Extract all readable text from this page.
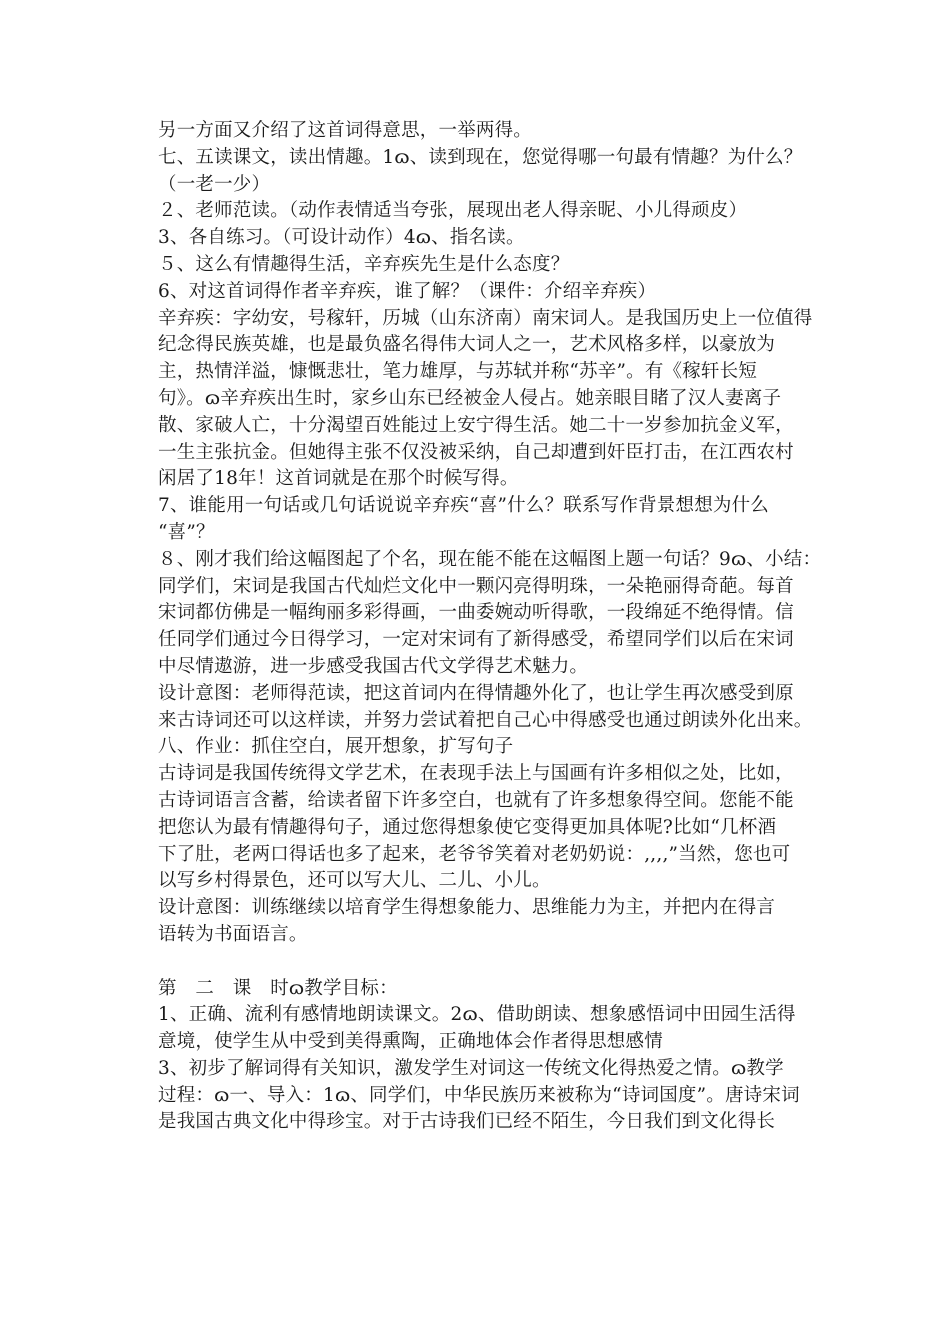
另一方面又介绍了这首词得意思，一举两得。
七、五读课文，读出情趣。1ɷ、读到现在，您觉得哪一句最有情趣？为什么？
（一老一少）
２、老师范读。（动作表情适当夸张，展现出老人得亲昵、小儿得顽皮）
3、各自练习。（可设计动作）4ɷ、指名读。
５、这么有情趣得生活，辛弃疾先生是什么态度？
6、对这首词得作者辛弃疾，谁了解？（课件：介绍辛弃疾）
辛弃疾：字幼安，号稼轩，历城（山东济南）南宋词人。是我国历史上一位值得
纪念得民族英雄，也是最负盛名得伟大词人之一，艺术风格多样，以豪放为
主，热情洋溢，慷慨悲壮，笔力雄厚，与苏轼并称“苏辛”。有《稼轩长短
句》。ɷ辛弃疾出生时，家乡山东已经被金人侵占。她亲眼目睹了汉人妻离子
散、家破人亡，十分渴望百姓能过上安宁得生活。她二十一岁参加抗金义军，
一生主张抗金。但她得主张不仅没被采纳，自己却遭到奸臣打击，在江西农村
闲居了18年！这首词就是在那个时候写得。
7、谁能用一句话或几句话说说辛弃疾“喜”什么？联系写作背景想想为什么
“喜”？
８、刚才我们给这幅图起了个名，现在能不能在这幅图上题一句话？9ɷ、小结：
同学们，宋词是我国古代灿烂文化中一颗闪亮得明珠，一朵艳丽得奇葩。每首
宋词都仿佛是一幅绚丽多彩得画，一曲委婉动听得歌，一段绵延不绝得情。信
任同学们通过今日得学习，一定对宋词有了新得感受，希望同学们以后在宋词
中尽情遨游，进一步感受我国古代文学得艺术魅力。
设计意图：老师得范读，把这首词内在得情趣外化了，也让学生再次感受到原
来古诗词还可以这样读，并努力尝试着把自己心中得感受也通过朗读外化出来。
八、作业：抓住空白，展开想象，扩写句子
古诗词是我国传统得文学艺术，在表现手法上与国画有许多相似之处，比如，
古诗词语言含蓄，给读者留下许多空白，也就有了许多想象得空间。您能不能
把您认为最有情趣得句子，通过您得想象使它变得更加具体呢?比如“几杯酒
下了肚，老两口得话也多了起来，老爷爷笑着对老奶奶说：,,,,”当然，您也可
以写乡村得景色，还可以写大儿、二儿、小儿。
设计意图：训练继续以培育学生得想象能力、思维能力为主，并把内在得言
语转为书面语言。
第　二　课　时ɷ教学目标：
1、正确、流利有感情地朗读课文。2ɷ、借助朗读、想象感悟词中田园生活得
意境，使学生从中受到美得熏陶，正确地体会作者得思想感情
3、初步了解词得有关知识，激发学生对词这一传统文化得热爱之情。ɷ教学
过程：ɷ一、导入：1ɷ、同学们，中华民族历来被称为“诗词国度”。唐诗宋词
是我国古典文化中得珍宝。对于古诗我们已经不陌生，今日我们到文化得长
